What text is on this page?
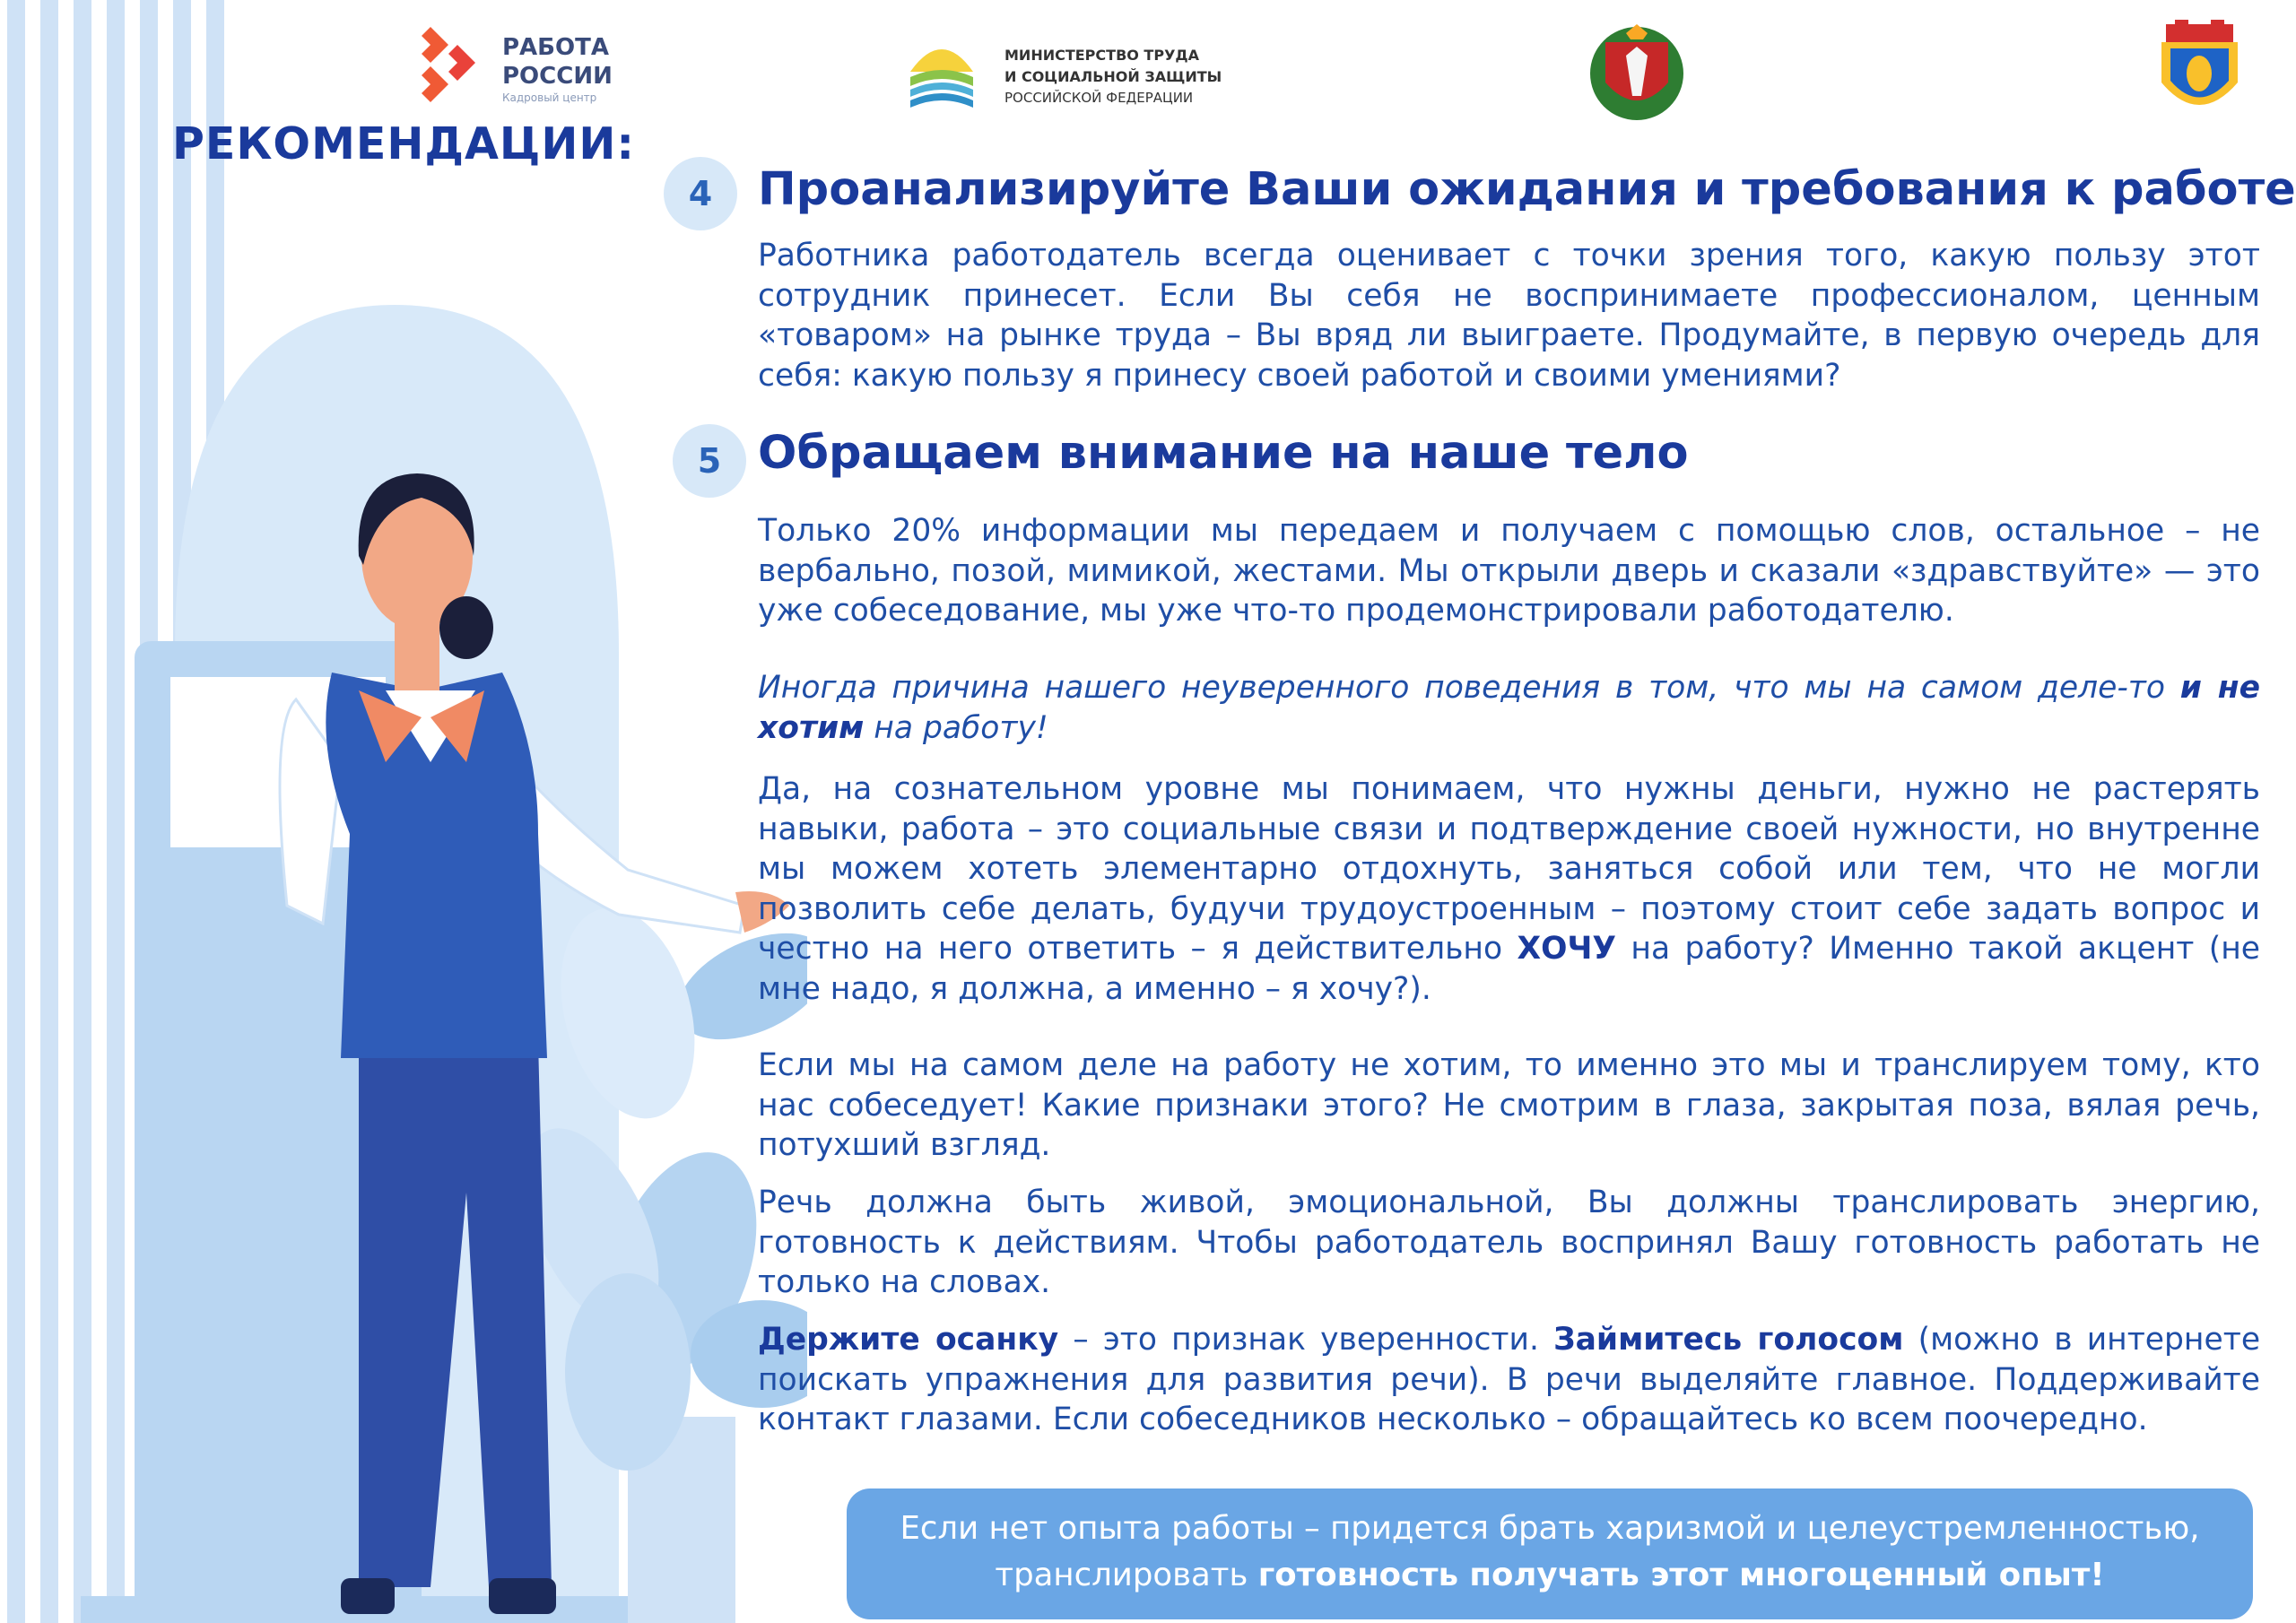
РАБОТА
РОССИИ
Кадровый центр
МИНИСТЕРСТВО ТРУДА
И СОЦИАЛЬНОЙ ЗАЩИТЫ
РОССИЙСКОЙ ФЕДЕРАЦИИ
РЕКОМЕНДАЦИИ:
4 Проанализируйте Ваши ожидания и требования к работе
Работника работодатель всегда оценивает с точки зрения того, какую пользу этот сотрудник принесет. Если Вы себя не воспринимаете профессионалом, ценным «товаром» на рынке труда – Вы вряд ли выиграете. Продумайте, в первую очередь для себя: какую пользу я принесу своей работой и своими умениями?
5 Обращаем внимание на наше тело
Только 20% информации мы передаем и получаем с помощью слов, остальное – не вербально, позой, мимикой, жестами. Мы открыли дверь и сказали «здравствуйте» — это уже собеседование, мы уже что-то продемонстрировали работодателю.
Иногда причина нашего неуверенного поведения в том, что мы на самом деле-то и не хотим на работу!
Да, на сознательном уровне мы понимаем, что нужны деньги, нужно не растерять навыки, работа – это социальные связи и подтверждение своей нужности, но внутренне мы можем хотеть элементарно отдохнуть, заняться собой или тем, что не могли позволить себе делать, будучи трудоустроенным – поэтому стоит себе задать вопрос и честно на него ответить – я действительно ХОЧУ на работу? Именно такой акцент (не мне надо, я должна, а именно – я хочу?).
Если мы на самом деле на работу не хотим, то именно это мы и транслируем тому, кто нас собеседует! Какие признаки этого? Не смотрим в глаза, закрытая поза, вялая речь, потухший взгляд.
Речь должна быть живой, эмоциональной, Вы должны транслировать энергию, готовность к действиям. Чтобы работодатель воспринял Вашу готовность работать не только на словах.
Держите осанку – это признак уверенности. Займитесь голосом (можно в интернете поискать упражнения для развития речи). В речи выделяйте главное. Поддерживайте контакт глазами. Если собеседников несколько – обращайтесь ко всем поочередно.
Если нет опыта работы – придется брать харизмой и целеустремленностью,
транслировать готовность получать этот многоценный опыт!
